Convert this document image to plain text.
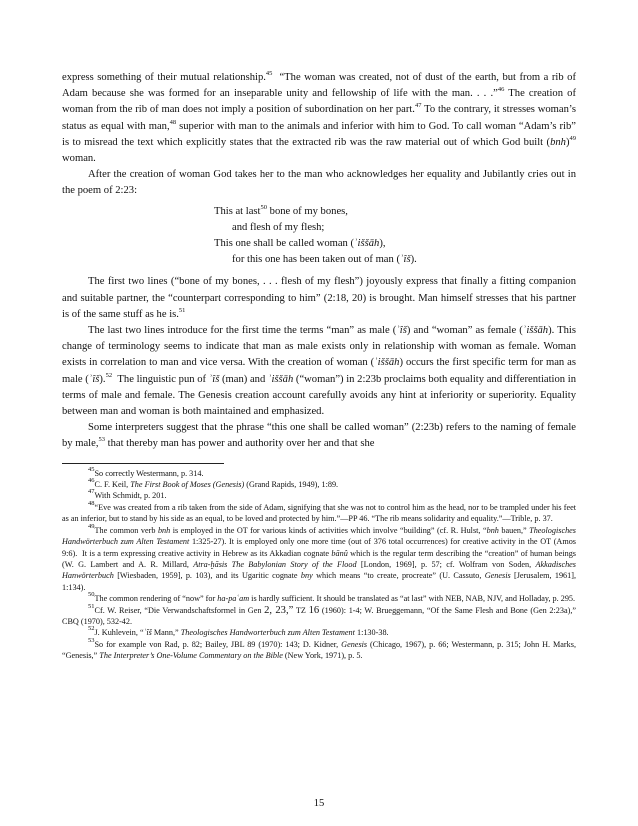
express something of their mutual relationship.$^{45}$  “The woman was created, not of dust of the earth, but from a rib of Adam because she was formed for an inseparable unity and fellowship of life with the man. . . .”$^{46}$ The creation of woman from the rib of man does not imply a position of subordination on her part.$^{47}$ To the contrary, it stresses woman’s status as equal with man,$^{48}$ superior with man to the animals and inferior with him to God. To call woman “Adam’s rib” is to misread the text which explicitly states that the extracted rib was the raw material out of which God built (bnh)$^{49}$ woman.

After the creation of woman God takes her to the man who acknowledges her equality and Jubilantly cries out in the poem of 2:23:

This at last$^{50}$ bone of my bones,
and flesh of my flesh;
This one shall be called woman (ʾiššāh),
for this one has been taken out of man (ʾîš).

The first two lines (“bone of my bones, . . . flesh of my flesh”) joyously express that finally a fitting companion and suitable partner, the “counterpart corresponding to him” (2:18, 20) is brought. Man himself stresses that his partner is of the same stuff as he is.$^{51}$

The last two lines introduce for the first time the terms “man” as male (ʾîš) and “woman” as female (ʾiššāh). This change of terminology seems to indicate that man as male exists only in relationship with woman as female. Woman exists in correlation to man and vice versa. With the creation of woman (ʾiššāh) occurs the first specific term for man as male (ʾîš).$^{52}$  The linguistic pun of ʾîš (man) and ʾiššāh (“woman”) in 2:23b proclaims both equality and differentiation in terms of male and female. The Genesis creation account carefully avoids any hint at inferiority or superiority. Equality between man and woman is both maintained and emphasized.

Some interpreters suggest that the phrase “this one shall be called woman” (2:23b) refers to the naming of female by male,$^{53}$ that thereby man has power and authority over her and that she

$^{45}$So correctly Westermann, p. 314.

$^{46}$C. F. Keil, The First Book of Moses (Genesis) (Grand Rapids, 1949), 1:89.

$^{47}$With Schmidt, p. 201.

$^{48}$“Eve was created from a rib taken from the side of Adam, signifying that she was not to control him as the head, nor to be trampled under his feet as an inferior, but to stand by his side as an equal, to be loved and protected by him.”—PP 46. “The rib means solidarity and equality.”—Trible, p. 37.

$^{49}$The common verb bnh is employed in the OT for various kinds of activities which involve “building” (cf. R. Hulst, “bnh bauen,” Theologisches Handwörterbuch zum Alten Testament 1:325-27). It is employed only one more time (out of 376 total occurrences) for creative activity in the OT (Amos 9:6).  It is a term expressing creative activity in Hebrew as its Akkadian cognate bānû which is the regular term describing the “creation” of human beings (W. G. Lambert and A. R. Millard, Atra-ḫāsis The Babylonian Story of the Flood [London, 1969], p. 57; cf. Wolfram von Soden, Akkadisches Hanwörterbuch [Wiesbaden, 1959], p. 103), and its Ugaritic cognate bny which means “to create, procreate” (U. Cassuto, Genesis [Jerusalem, 1961], 1:134).

$^{50}$The common rendering of “now” for ha-paʿam is hardly sufficient. It should be translated as “at last” with NEB, NAB, NJV, and Holladay, p. 295.

$^{51}$Cf. W. Reiser, “Die Verwandschaftsformel in Gen 2, 23,” TZ 16 (1960): 1-4; W. Brueggemann, “Of the Same Flesh and Bone (Gen 2:23a),” CBQ (1970), 532-42.

$^{52}$J. Kuhlevein, “ʾîš Mann,” Theologisches Handworterbuch zum Alten Testament 1:130-38.

$^{53}$So for example von Rad, p. 82; Bailey, JBL 89 (1970): 143; D. Kidner, Genesis (Chicago, 1967), p. 66; Westermann, p. 315; John H. Marks, “Genesis,” The Interpreter’s One-Volume Commentary on the Bible (New York, 1971), p. 5.

15
